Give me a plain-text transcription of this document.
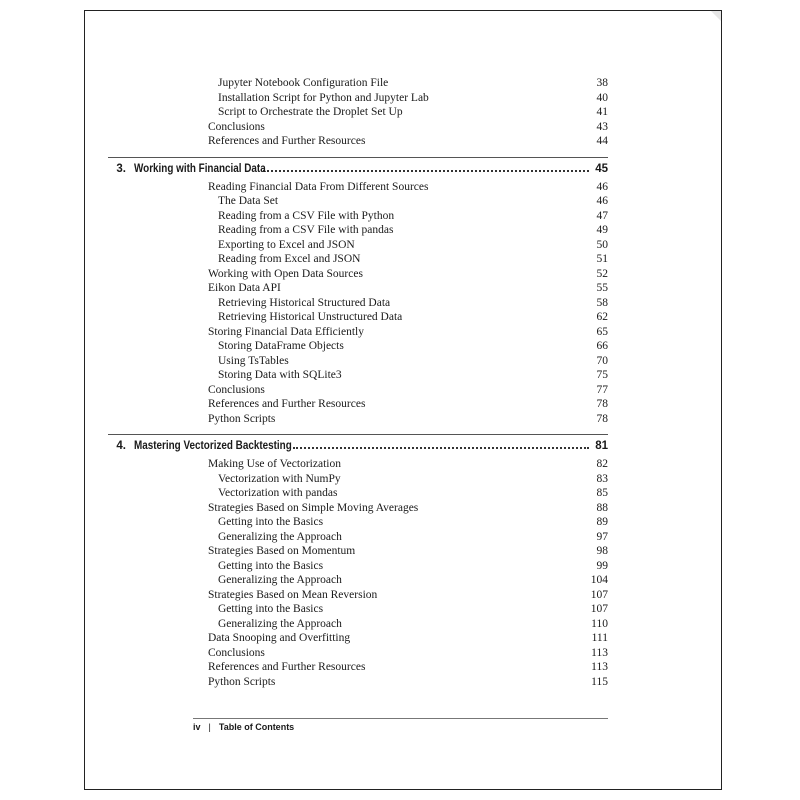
Jupyter Notebook Configuration File	38
Installation Script for Python and Jupyter Lab	40
Script to Orchestrate the Droplet Set Up	41
Conclusions	43
References and Further Resources	44
3. Working with Financial Data	45
Reading Financial Data From Different Sources	46
The Data Set	46
Reading from a CSV File with Python	47
Reading from a CSV File with pandas	49
Exporting to Excel and JSON	50
Reading from Excel and JSON	51
Working with Open Data Sources	52
Eikon Data API	55
Retrieving Historical Structured Data	58
Retrieving Historical Unstructured Data	62
Storing Financial Data Efficiently	65
Storing DataFrame Objects	66
Using TsTables	70
Storing Data with SQLite3	75
Conclusions	77
References and Further Resources	78
Python Scripts	78
4. Mastering Vectorized Backtesting	81
Making Use of Vectorization	82
Vectorization with NumPy	83
Vectorization with pandas	85
Strategies Based on Simple Moving Averages	88
Getting into the Basics	89
Generalizing the Approach	97
Strategies Based on Momentum	98
Getting into the Basics	99
Generalizing the Approach	104
Strategies Based on Mean Reversion	107
Getting into the Basics	107
Generalizing the Approach	110
Data Snooping and Overfitting	111
Conclusions	113
References and Further Resources	113
Python Scripts	115
iv | Table of Contents
